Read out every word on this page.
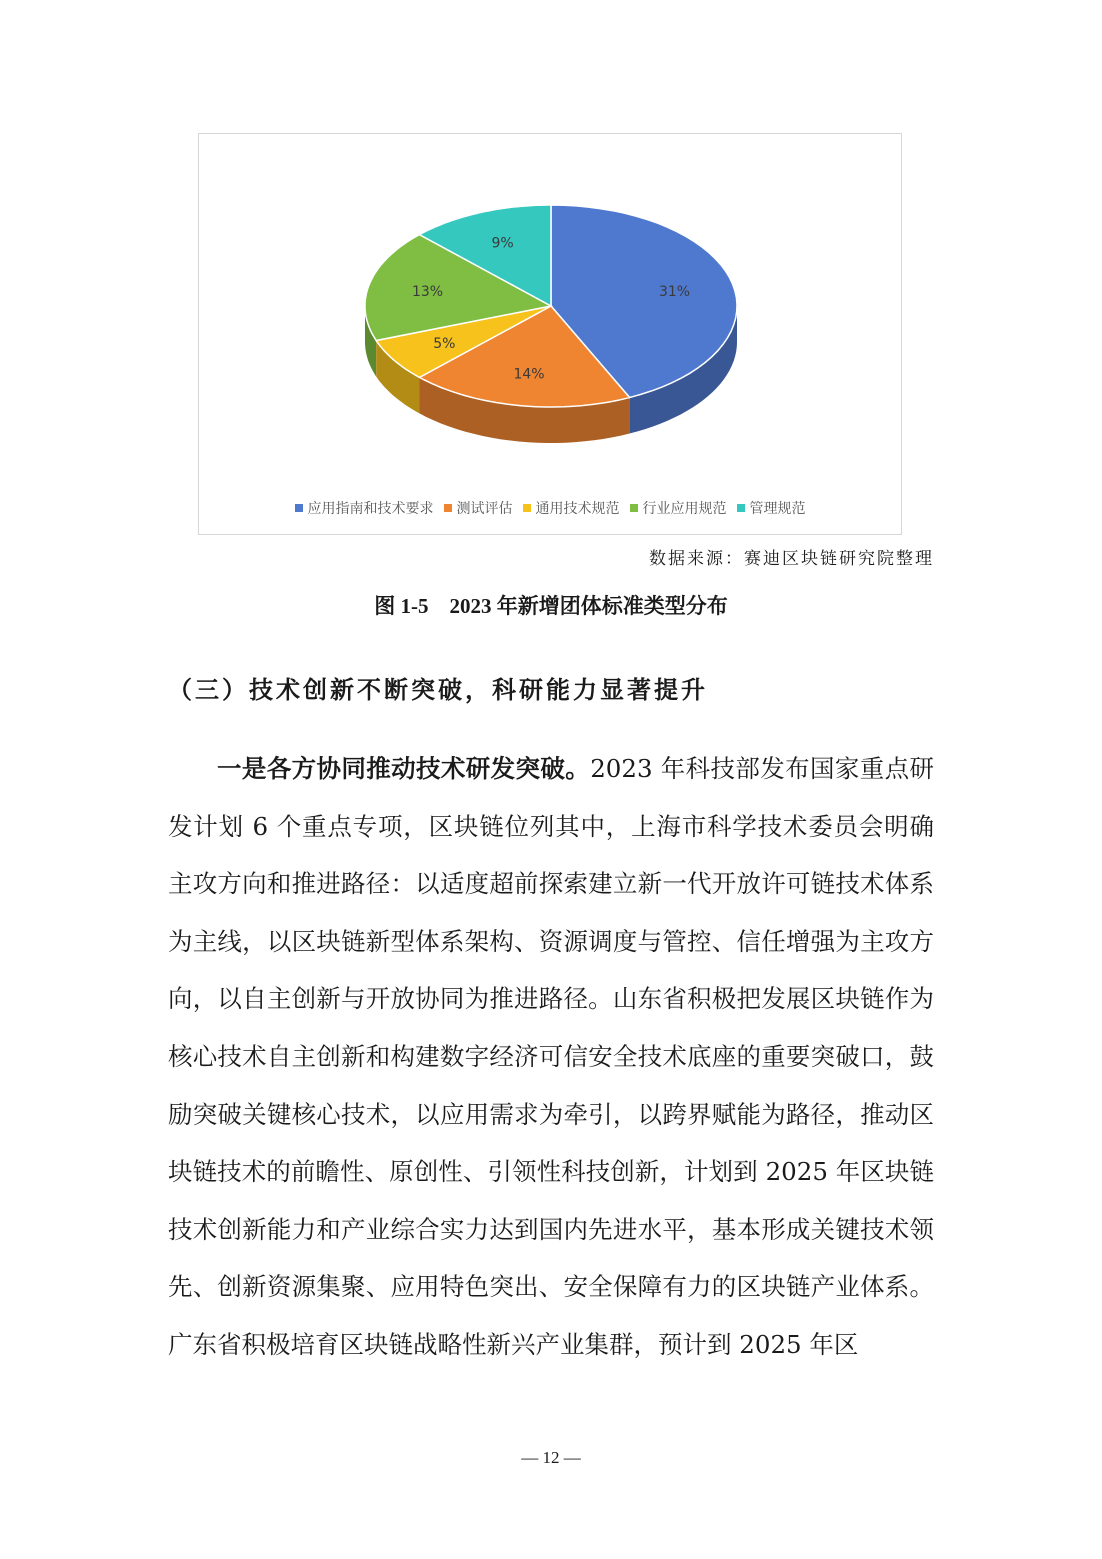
31%
14%
5%
13%
9%
应用指南和技术要求 测试评估 通用技术规范 行业应用规范 管理规范
数据来源：赛迪区块链研究院整理
图 1-5　2023 年新增团体标准类型分布
（三）技术创新不断突破，科研能力显著提升
一是各方协同推动技术研发突破。2023 年科技部发布国家重点研发计划 6 个重点专项，区块链位列其中，上海市科学技术委员会明确主攻方向和推进路径：以适度超前探索建立新一代开放许可链技术体系为主线，以区块链新型体系架构、资源调度与管控、信任增强为主攻方向，以自主创新与开放协同为推进路径。山东省积极把发展区块链作为核心技术自主创新和构建数字经济可信安全技术底座的重要突破口，鼓励突破关键核心技术，以应用需求为牵引，以跨界赋能为路径，推动区块链技术的前瞻性、原创性、引领性科技创新，计划到 2025 年区块链技术创新能力和产业综合实力达到国内先进水平，基本形成关键技术领先、创新资源集聚、应用特色突出、安全保障有力的区块链产业体系。广东省积极培育区块链战略性新兴产业集群，预计到 2025 年区
— 12 —
